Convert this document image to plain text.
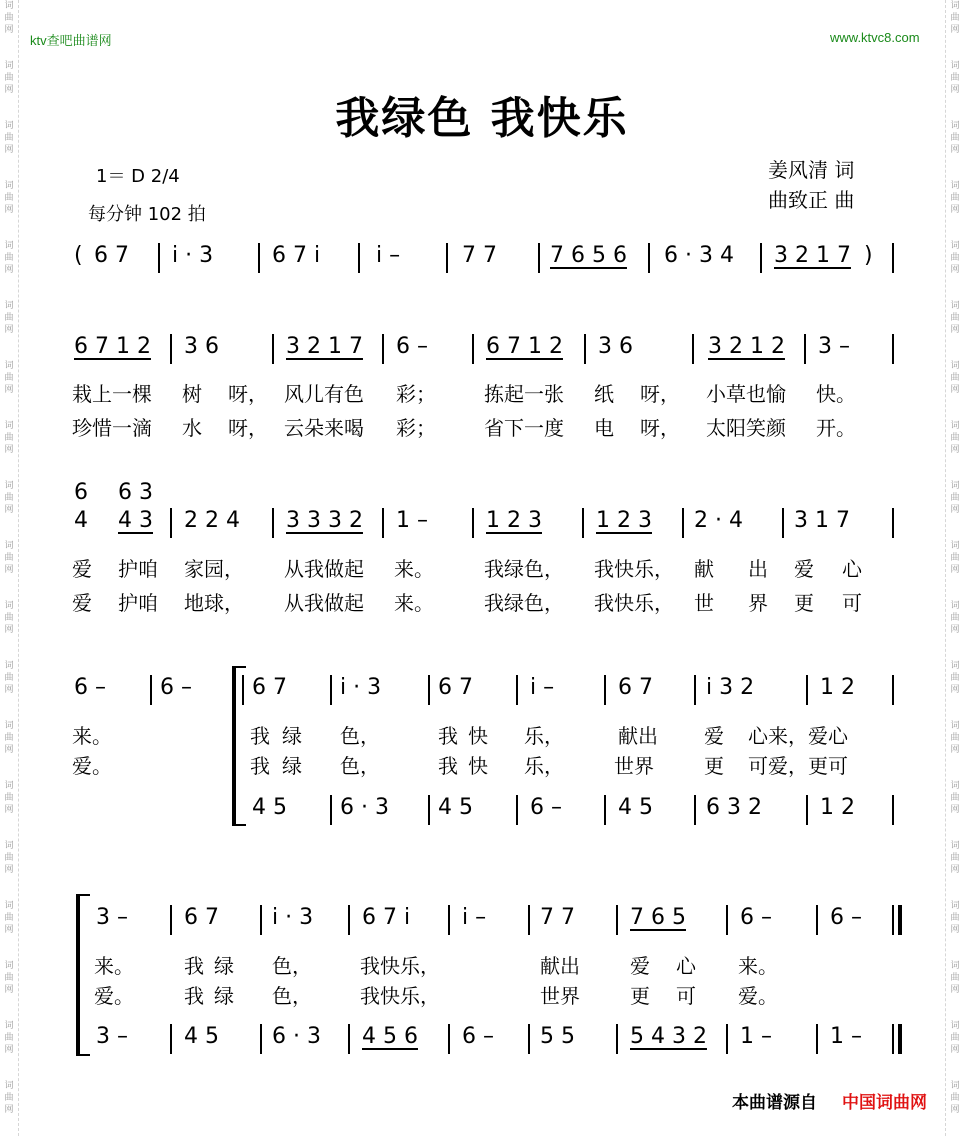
词
曲
网
词
曲
网
词
曲
网
词
曲
网
词
曲
网
词
曲
网
词
曲
网
词
曲
网
词
曲
网
词
曲
网
词
曲
网
词
曲
网
词
曲
网
词
曲
网
词
曲
网
词
曲
网
词
曲
网
词
曲
网
词
曲
网
词
曲
网
词
曲
网
词
曲
网
词
曲
网
词
曲
网
词
曲
网
词
曲
网
词
曲
网
词
曲
网
词
曲
网
词
曲
网
词
曲
网
词
曲
网
词
曲
网
词
曲
网
词
曲
网
词
曲
网
词
曲
网
词
曲
网
ktv查吧曲谱网	www.ktvc8.com
我绿色 我快乐
1＝ D 2/4
每分钟 102 拍
姜风清 词
曲致正 曲
( 6 7 i · 3	6 7 i	i –	7 7 7 6 5 6 6 · 3 4 3 2 1 7 )
6 7 1 2 3 6	3 2 1 7 6 –	6 7 1 2 3 6	3 2 1 2 3 –
栽上一棵 树 呀， 风儿有色 彩； 拣起一张 纸 呀， 小草也愉 快。
珍惜一滴 水 呀， 云朵来喝 彩； 省下一度 电 呀， 太阳笑颜 开。
6 6 3
4 4 3 2 2 4 3 3 3 2 1 –	1 2 3 1 2 3 2 · 4 3 1 7
爱 护咱 家园， 从我做起 来。	我绿色， 我快乐， 献 出 爱 心
爱 护咱 地球， 从我做起 来。	我绿色， 我快乐， 世 界 更 可
6 – 6 –	6 7 i · 3	6 7	i –	6 7 i 3 2	1 2
来。	我 绿 色，	我 快 乐，	献出 爱 心来，爱心
爱。	我 绿 色，	我 快 乐，	世界	更 可爱，更可
4 5 6 · 3 4 5	6 –	4 5 6 3 2	1 2
3 –	6 7 i · 3 6 7 i i – 7 7	7 6 5 6 –	6 –
来。	我 绿 色， 我快乐，	献出	爱 心 来。
爱。	我 绿 色， 我快乐，	世界	更 可 爱。
3 –	4 5 6 · 3 4 5 6 6 – 5 5	5 4 3 2 1 –	1 –
本曲谱源自 中国词曲网
